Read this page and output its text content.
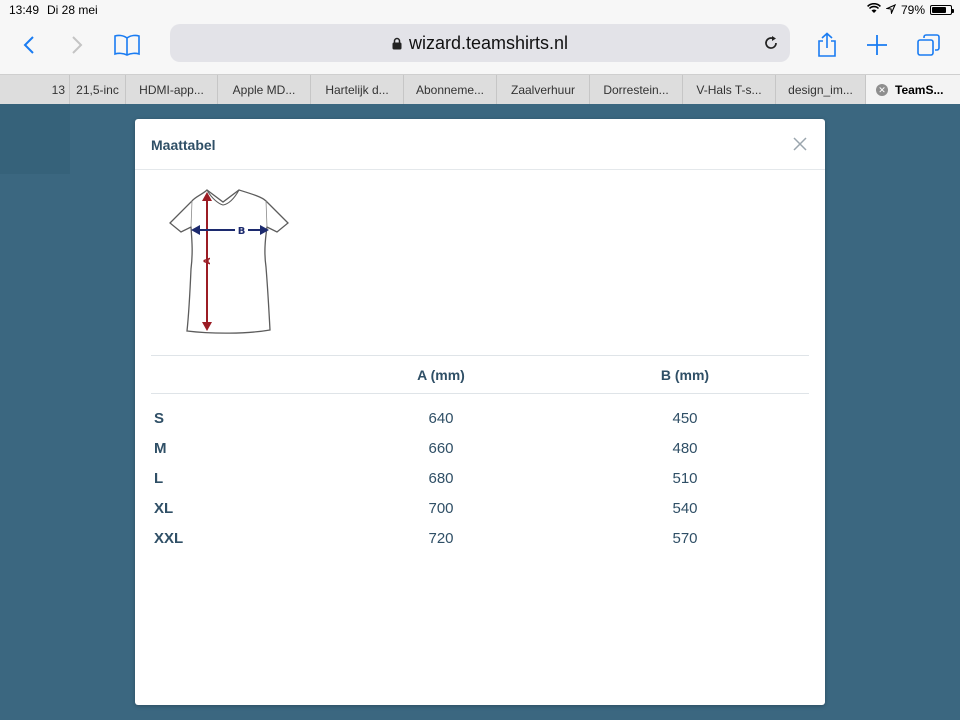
13:49 Di 28 mei	79%
wizard.teamshirts.nl
13 21,5-inc HDMI-app... Apple MD... Hartelijk d... Abonneme... Zaalverhuur Dorrestein... V-Hals T-s... design_im...	✕ TeamS...
Maattabel
A
B
	A (mm)	B (mm)
S	640	450
M	660	480
L	680	510
XL	700	540
XXL	720	570
